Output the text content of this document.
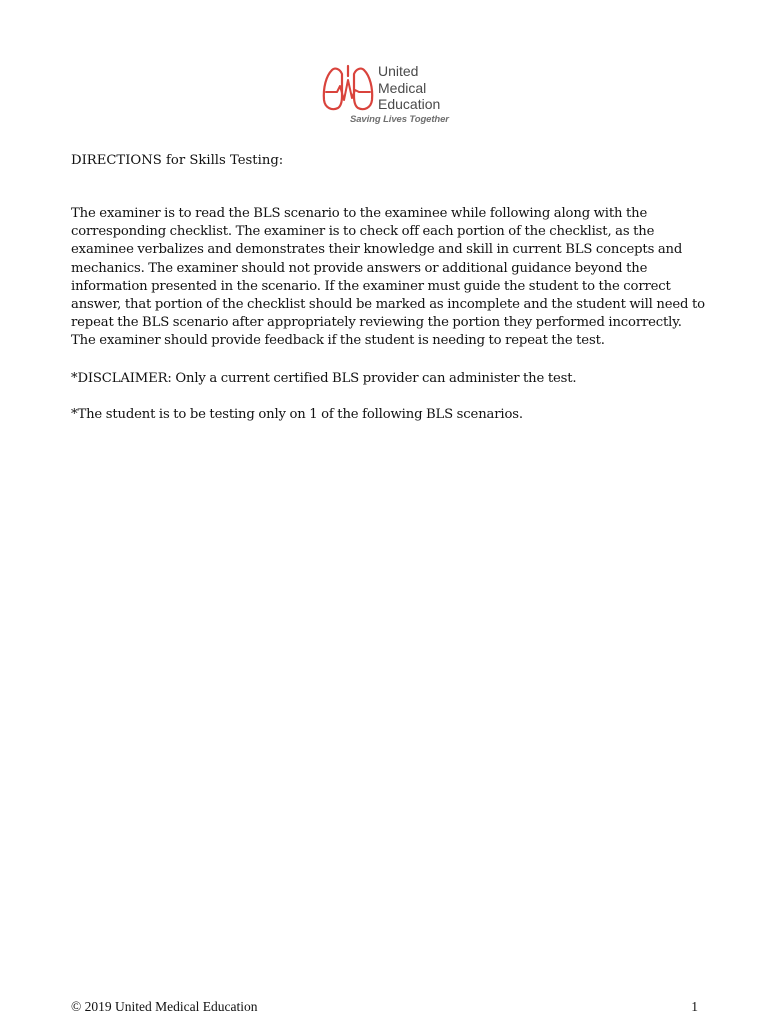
United
Medical
Education
Saving Lives Together
DIRECTIONS for Skills Testing:

The examiner is to read the BLS scenario to the examinee while following along with the
corresponding checklist. The examiner is to check off each portion of the checklist, as the
examinee verbalizes and demonstrates their knowledge and skill in current BLS concepts and
mechanics. The examiner should not provide answers or additional guidance beyond the
information presented in the scenario. If the examiner must guide the student to the correct
answer, that portion of the checklist should be marked as incomplete and the student will need to
repeat the BLS scenario after appropriately reviewing the portion they performed incorrectly.
The examiner should provide feedback if the student is needing to repeat the test.

*DISCLAIMER: Only a current certified BLS provider can administer the test.

*The student is to be testing only on 1 of the following BLS scenarios.

© 2019 United Medical Education	1
